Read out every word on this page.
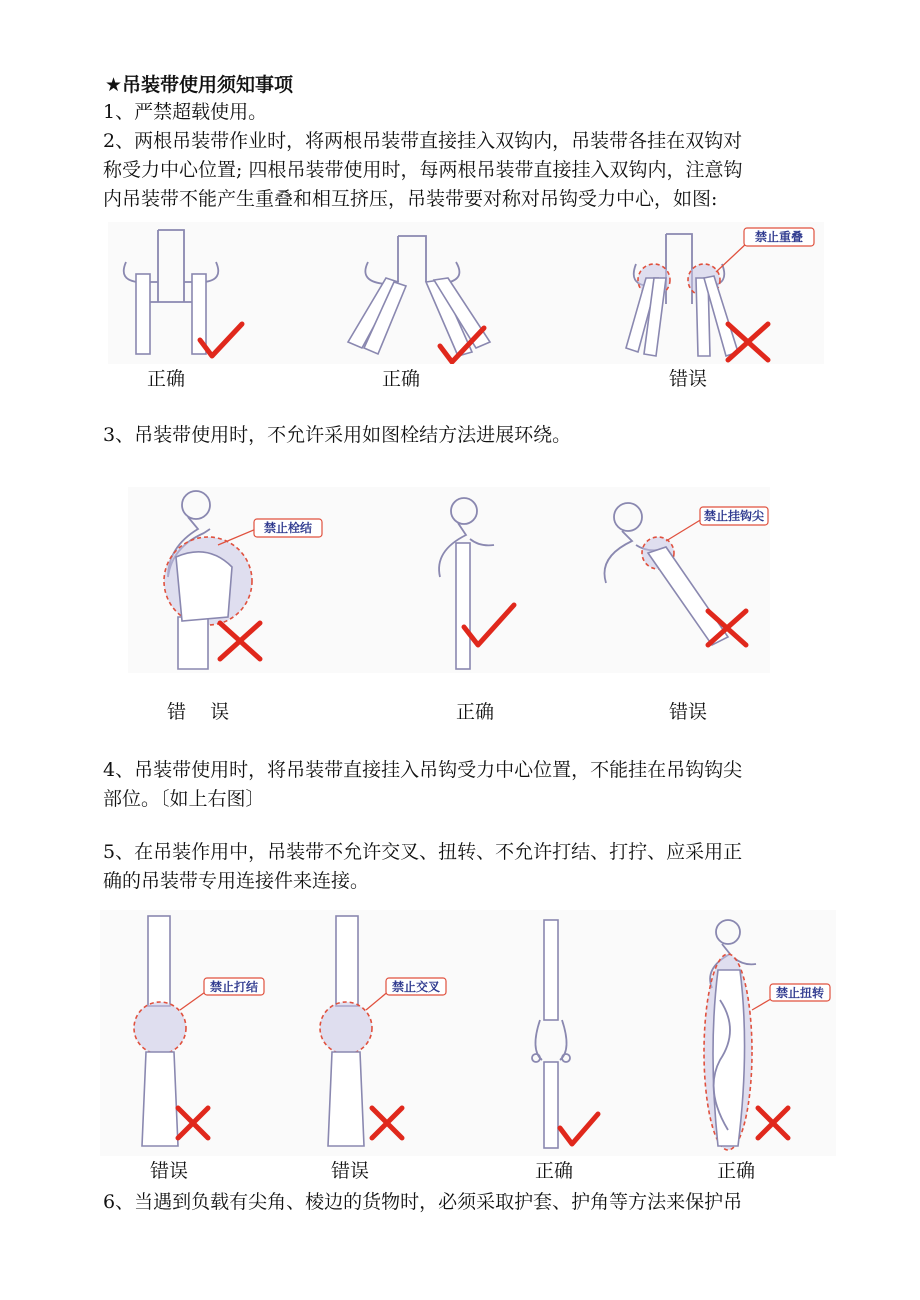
★吊装带使用须知事项
1、严禁超载使用。
2、两根吊装带作业时，将两根吊装带直接挂入双钩内，吊装带各挂在双钩对
称受力中心位置; 四根吊装带使用时，每两根吊装带直接挂入双钩内，注意钩
内吊装带不能产生重叠和相互挤压，吊装带要对称对吊钩受力中心，如图:
禁止重叠
正确	正确	错误
3、吊装带使用时，不允许采用如图栓结方法进展环绕。
禁止栓结
禁止挂钩尖
错    误	正确	错误
4、吊装带使用时，将吊装带直接挂入吊钩受力中心位置，不能挂在吊钩钩尖
部位。〔如上右图〕
5、在吊装作用中，吊装带不允许交叉、扭转、不允许打结、打拧、应采用正
确的吊装带专用连接件来连接。
禁止打结	禁止交叉	禁止扭转
错误	错误	正确	正确
6、当遇到负载有尖角、棱边的货物时，必须采取护套、护角等方法来保护吊
